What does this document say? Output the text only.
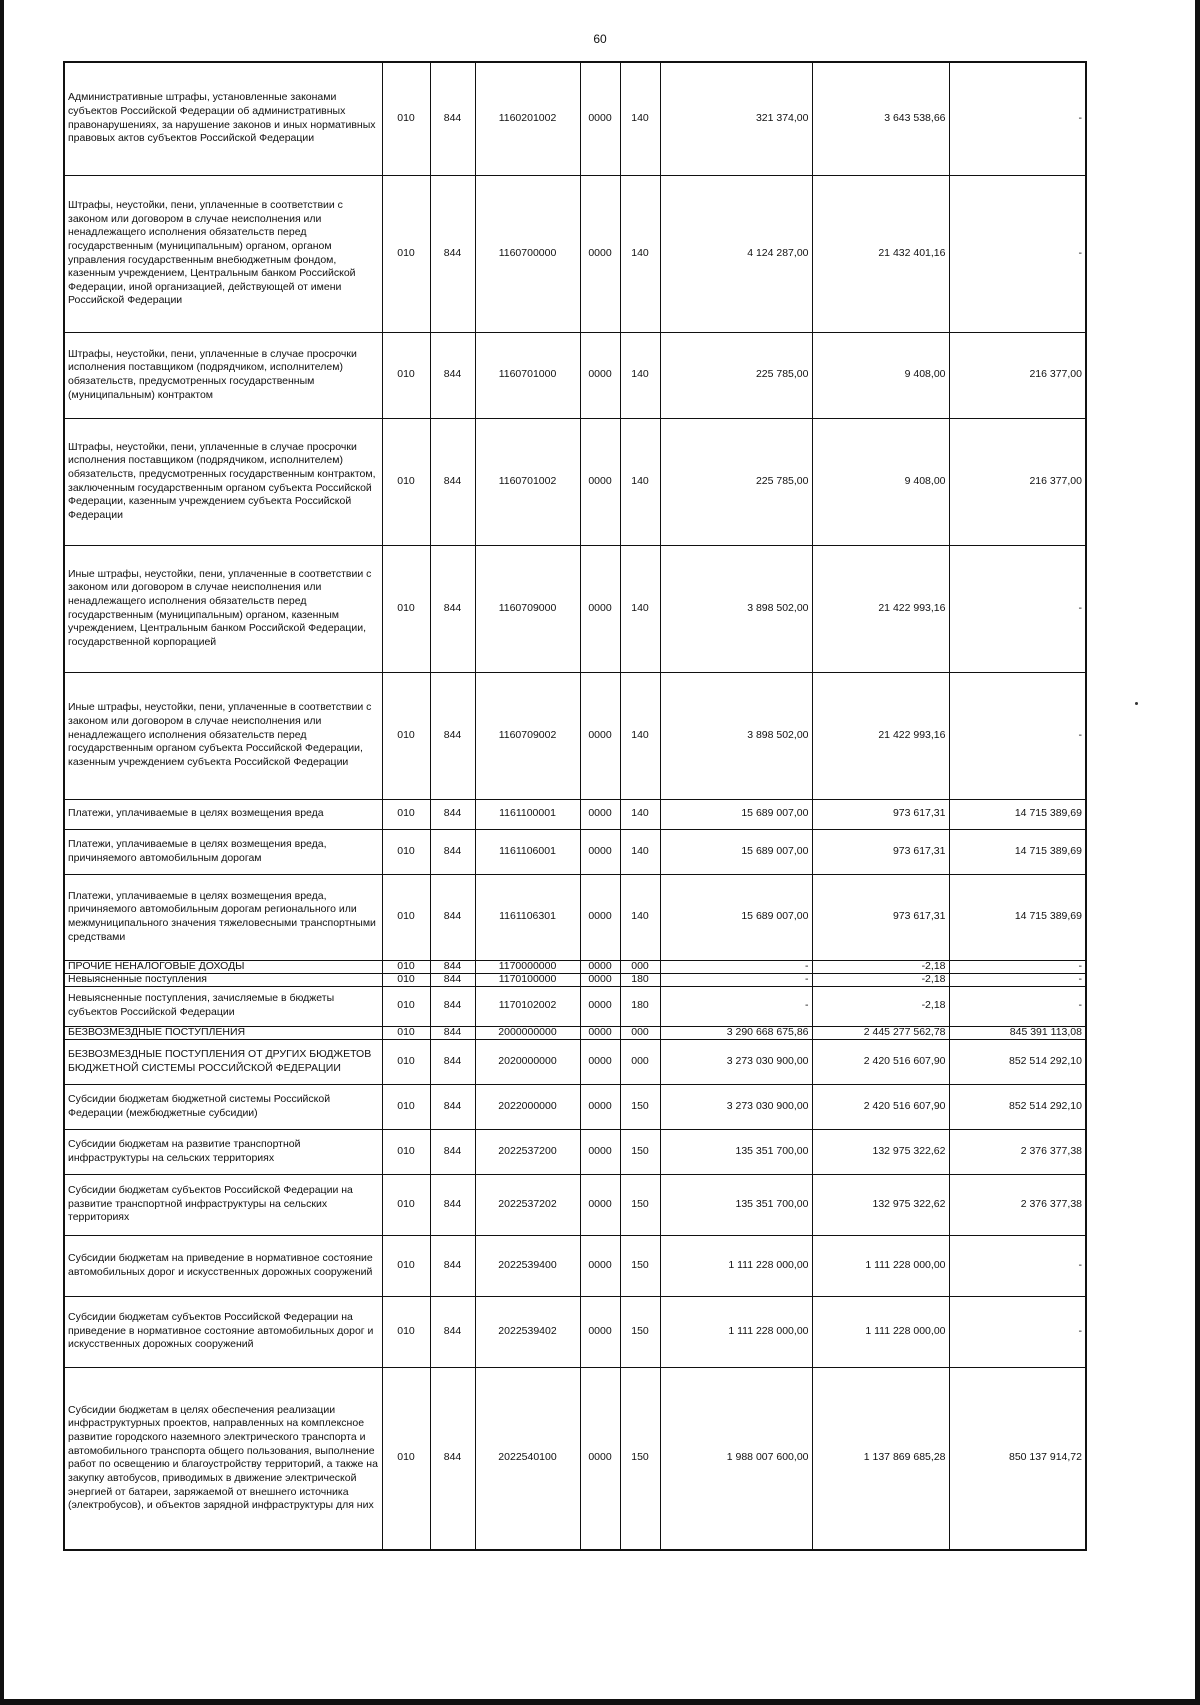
60
Административные штрафы, установленные законами субъектов Российской Федерации об административных правонарушениях, за нарушение законов и иных нормативных правовых актов субъектов Российской Федерации	010	844	1160201002	0000	140	321 374,00	3 643 538,66	-
Штрафы, неустойки, пени, уплаченные в соответствии с законом или договором в случае неисполнения или ненадлежащего исполнения обязательств перед государственным (муниципальным) органом, органом управления государственным внебюджетным фондом, казенным учреждением, Центральным банком Российской Федерации, иной организацией, действующей от имени Российской Федерации	010	844	1160700000	0000	140	4 124 287,00	21 432 401,16	-
Штрафы, неустойки, пени, уплаченные в случае просрочки исполнения поставщиком (подрядчиком, исполнителем) обязательств, предусмотренных государственным (муниципальным) контрактом	010	844	1160701000	0000	140	225 785,00	9 408,00	216 377,00
Штрафы, неустойки, пени, уплаченные в случае просрочки исполнения поставщиком (подрядчиком, исполнителем) обязательств, предусмотренных государственным контрактом, заключенным государственным органом субъекта Российской Федерации, казенным учреждением субъекта Российской Федерации	010	844	1160701002	0000	140	225 785,00	9 408,00	216 377,00
Иные штрафы, неустойки, пени, уплаченные в соответствии с законом или договором в случае неисполнения или ненадлежащего исполнения обязательств перед государственным (муниципальным) органом, казенным учреждением, Центральным банком Российской Федерации, государственной корпорацией	010	844	1160709000	0000	140	3 898 502,00	21 422 993,16	-
Иные штрафы, неустойки, пени, уплаченные в соответствии с законом или договором в случае неисполнения или ненадлежащего исполнения обязательств перед государственным органом субъекта Российской Федерации, казенным учреждением субъекта Российской Федерации	010	844	1160709002	0000	140	3 898 502,00	21 422 993,16	-
Платежи, уплачиваемые в целях возмещения вреда	010	844	1161100001	0000	140	15 689 007,00	973 617,31	14 715 389,69
Платежи, уплачиваемые в целях возмещения вреда, причиняемого автомобильным дорогам	010	844	1161106001	0000	140	15 689 007,00	973 617,31	14 715 389,69
Платежи, уплачиваемые в целях возмещения вреда, причиняемого автомобильным дорогам регионального или межмуниципального значения тяжеловесными транспортными средствами	010	844	1161106301	0000	140	15 689 007,00	973 617,31	14 715 389,69
ПРОЧИЕ НЕНАЛОГОВЫЕ ДОХОДЫ	010	844	1170000000	0000	000	-	-2,18	-
Невыясненные поступления	010	844	1170100000	0000	180	-	-2,18	-
Невыясненные поступления, зачисляемые в бюджеты субъектов Российской Федерации	010	844	1170102002	0000	180	-	-2,18	-
БЕЗВОЗМЕЗДНЫЕ ПОСТУПЛЕНИЯ	010	844	2000000000	0000	000	3 290 668 675,86	2 445 277 562,78	845 391 113,08
БЕЗВОЗМЕЗДНЫЕ ПОСТУПЛЕНИЯ ОТ ДРУГИХ БЮДЖЕТОВ БЮДЖЕТНОЙ СИСТЕМЫ РОССИЙСКОЙ ФЕДЕРАЦИИ	010	844	2020000000	0000	000	3 273 030 900,00	2 420 516 607,90	852 514 292,10
Субсидии бюджетам бюджетной системы Российской Федерации (межбюджетные субсидии)	010	844	2022000000	0000	150	3 273 030 900,00	2 420 516 607,90	852 514 292,10
Субсидии бюджетам на развитие транспортной инфраструктуры на сельских территориях	010	844	2022537200	0000	150	135 351 700,00	132 975 322,62	2 376 377,38
Субсидии бюджетам субъектов Российской Федерации на развитие транспортной инфраструктуры на сельских территориях	010	844	2022537202	0000	150	135 351 700,00	132 975 322,62	2 376 377,38
Субсидии бюджетам на приведение в нормативное состояние автомобильных дорог и искусственных дорожных сооружений	010	844	2022539400	0000	150	1 111 228 000,00	1 111 228 000,00	-
Субсидии бюджетам субъектов Российской Федерации на приведение в нормативное состояние автомобильных дорог и искусственных дорожных сооружений	010	844	2022539402	0000	150	1 111 228 000,00	1 111 228 000,00	-
Субсидии бюджетам в целях обеспечения реализации инфраструктурных проектов, направленных на комплексное развитие городского наземного электрического транспорта и автомобильного транспорта общего пользования, выполнение работ по освещению и благоустройству территорий, а также на закупку автобусов, приводимых в движение электрической энергией от батареи, заряжаемой от внешнего источника (электробусов), и объектов зарядной инфраструктуры для них	010	844	2022540100	0000	150	1 988 007 600,00	1 137 869 685,28	850 137 914,72
